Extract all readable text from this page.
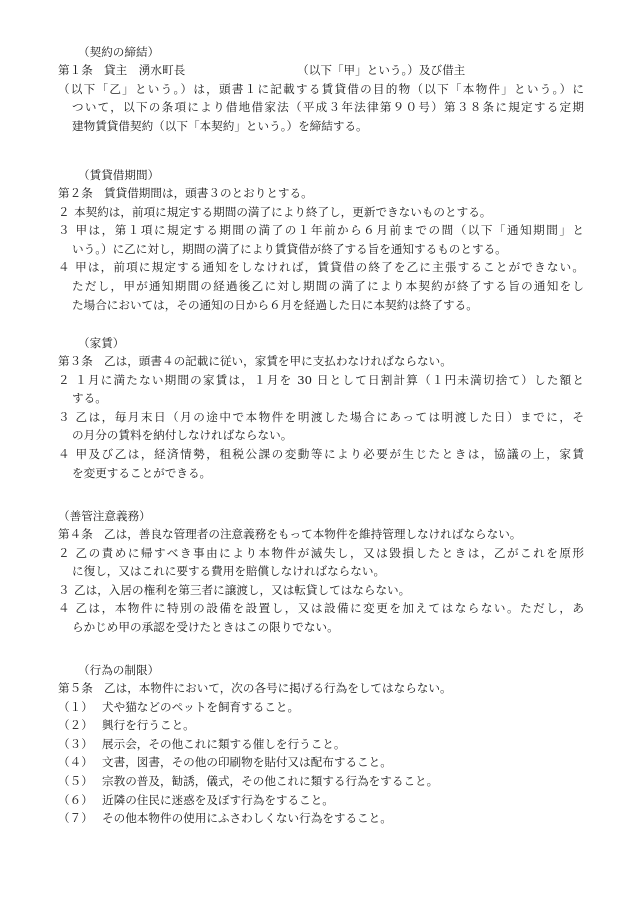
（契約の締結）
第１条 貸主　湧水町長	（以下「甲」という。）及び借主
（以下「乙」という。）は，頭書１に記載する賃貸借の目的物（以下「本物件」という。）に
ついて，以下の条項により借地借家法（平成３年法律第９０号）第３８条に規定する定期
建物賃貸借契約（以下「本契約」という。）を締結する。
（賃貸借期間）
第２条 賃貸借期間は，頭書３のとおりとする。
２ 本契約は，前項に規定する期間の満了により終了し，更新できないものとする。
３ 甲は，第１項に規定する期間の満了の１年前から６月前までの間（以下「通知期間」と
いう。）に乙に対し，期間の満了により賃貸借が終了する旨を通知するものとする。
４ 甲は，前項に規定する通知をしなければ，賃貸借の終了を乙に主張することができない。
ただし，甲が通知期間の経過後乙に対し期間の満了により本契約が終了する旨の通知をし
た場合においては，その通知の日から６月を経過した日に本契約は終了する。
（家賃）
第３条 乙は，頭書４の記載に従い，家賃を甲に支払わなければならない。
２ １月に満たない期間の家賃は，１月を 30 日として日割計算（１円未満切捨て）した額と
する。
３ 乙は，毎月末日（月の途中で本物件を明渡した場合にあっては明渡した日）までに，そ
の月分の賃料を納付しなければならない。
４ 甲及び乙は，経済情勢，租税公課の変動等により必要が生じたときは，協議の上，家賃
を変更することができる。
（善管注意義務）
第４条 乙は，善良な管理者の注意義務をもって本物件を維持管理しなければならない。
２ 乙の責めに帰すべき事由により本物件が滅失し，又は毀損したときは，乙がこれを原形
に復し，又はこれに要する費用を賠償しなければならない。
３ 乙は，入居の権利を第三者に譲渡し，又は転貸してはならない。
４ 乙は，本物件に特別の設備を設置し，又は設備に変更を加えてはならない。ただし，あ
らかじめ甲の承認を受けたときはこの限りでない。
（行為の制限）
第５条 乙は，本物件において，次の各号に掲げる行為をしてはならない。
（１） 犬や猫などのペットを飼育すること。
（２） 興行を行うこと。
（３） 展示会，その他これに類する催しを行うこと。
（４） 文書，図書，その他の印刷物を貼付又は配布すること。
（５） 宗教の普及，勧誘，儀式，その他これに類する行為をすること。
（６） 近隣の住民に迷惑を及ぼす行為をすること。
（７） その他本物件の使用にふさわしくない行為をすること。
